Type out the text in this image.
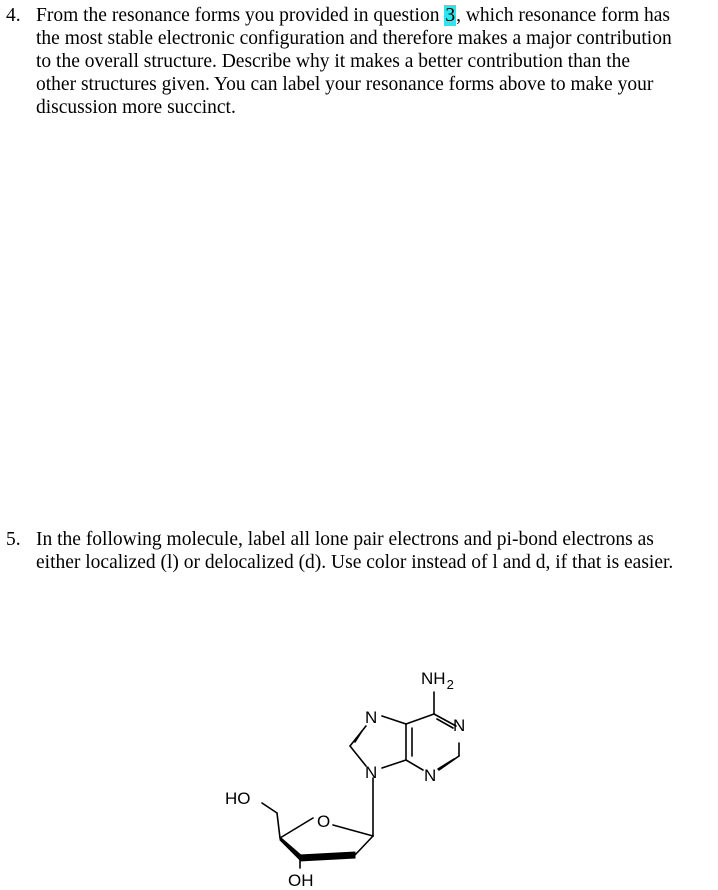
4. From the resonance forms you provided in question 3, which resonance form has
the most stable electronic configuration and therefore makes a major contribution
to the overall structure. Describe why it makes a better contribution than the
other structures given. You can label your resonance forms above to make your
discussion more succinct.
5. In the following molecule, label all lone pair electrons and pi-bond electrons as
either localized (l) or delocalized (d). Use color instead of l and d, if that is easier.
$NH_2$
N	N
N	N
O
HO
OH
